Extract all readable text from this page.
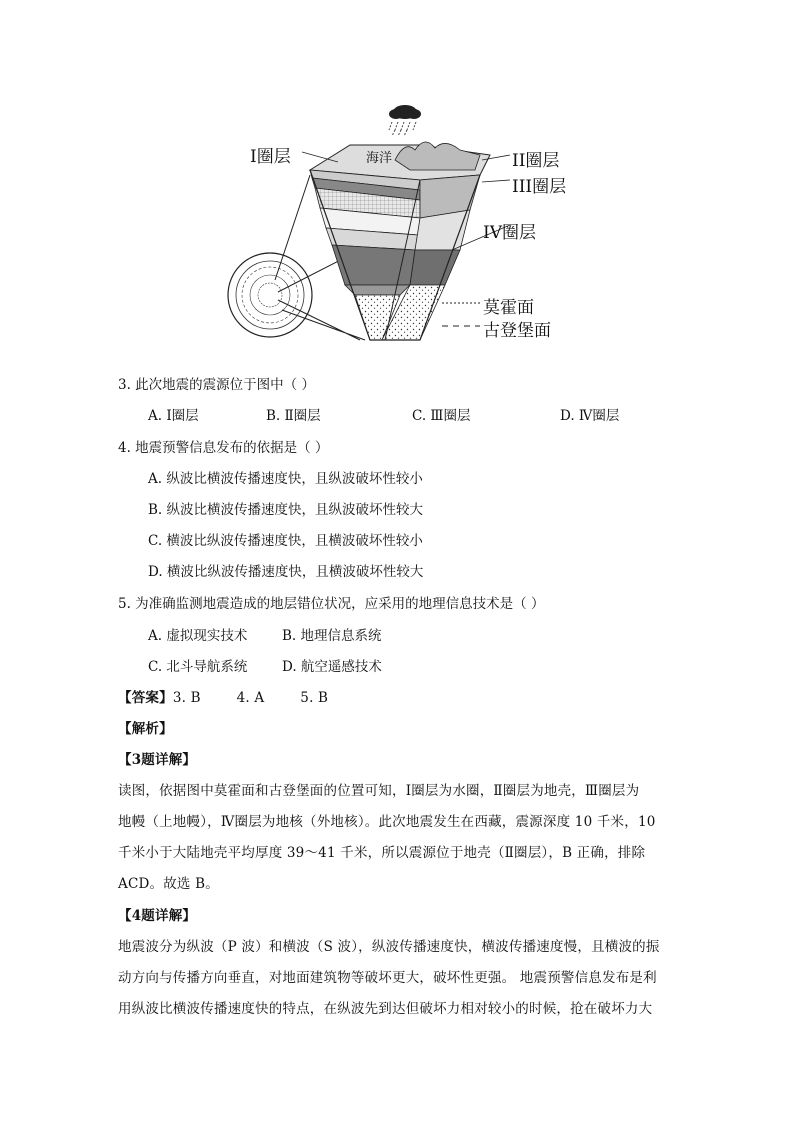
I圈层	海洋	II圈层
III圈层
IV圈层
莫霍面
古登堡面
3. 此次地震的震源位于图中（ ）
A. Ⅰ圈层	B. Ⅱ圈层	C. Ⅲ圈层	D. Ⅳ圈层
4. 地震预警信息发布的依据是（ ）
A. 纵波比横波传播速度快，且纵波破坏性较小
B. 纵波比横波传播速度快，且纵波破坏性较大
C. 横波比纵波传播速度快，且横波破坏性较小
D. 横波比纵波传播速度快，且横波破坏性较大
5. 为准确监测地震造成的地层错位状况，应采用的地理信息技术是（ ）
A. 虚拟现实技术	B. 地理信息系统
C. 北斗导航系统	D. 航空遥感技术
【答案】3. B        4. A        5. B
【解析】
【3题详解】
读图，依据图中莫霍面和古登堡面的位置可知，Ⅰ圈层为水圈，Ⅱ圈层为地壳，Ⅲ圈层为
地幔（上地幔），Ⅳ圈层为地核（外地核）。此次地震发生在西藏，震源深度 10 千米，10
千米小于大陆地壳平均厚度 39～41 千米，所以震源位于地壳（Ⅱ圈层），B 正确，排除
ACD。故选 B。
【4题详解】
地震波分为纵波（P 波）和横波（S 波），纵波传播速度快，横波传播速度慢，且横波的振
动方向与传播方向垂直，对地面建筑物等破坏更大，破坏性更强。 地震预警信息发布是利
用纵波比横波传播速度快的特点，在纵波先到达但破坏力相对较小的时候，抢在破坏力大
